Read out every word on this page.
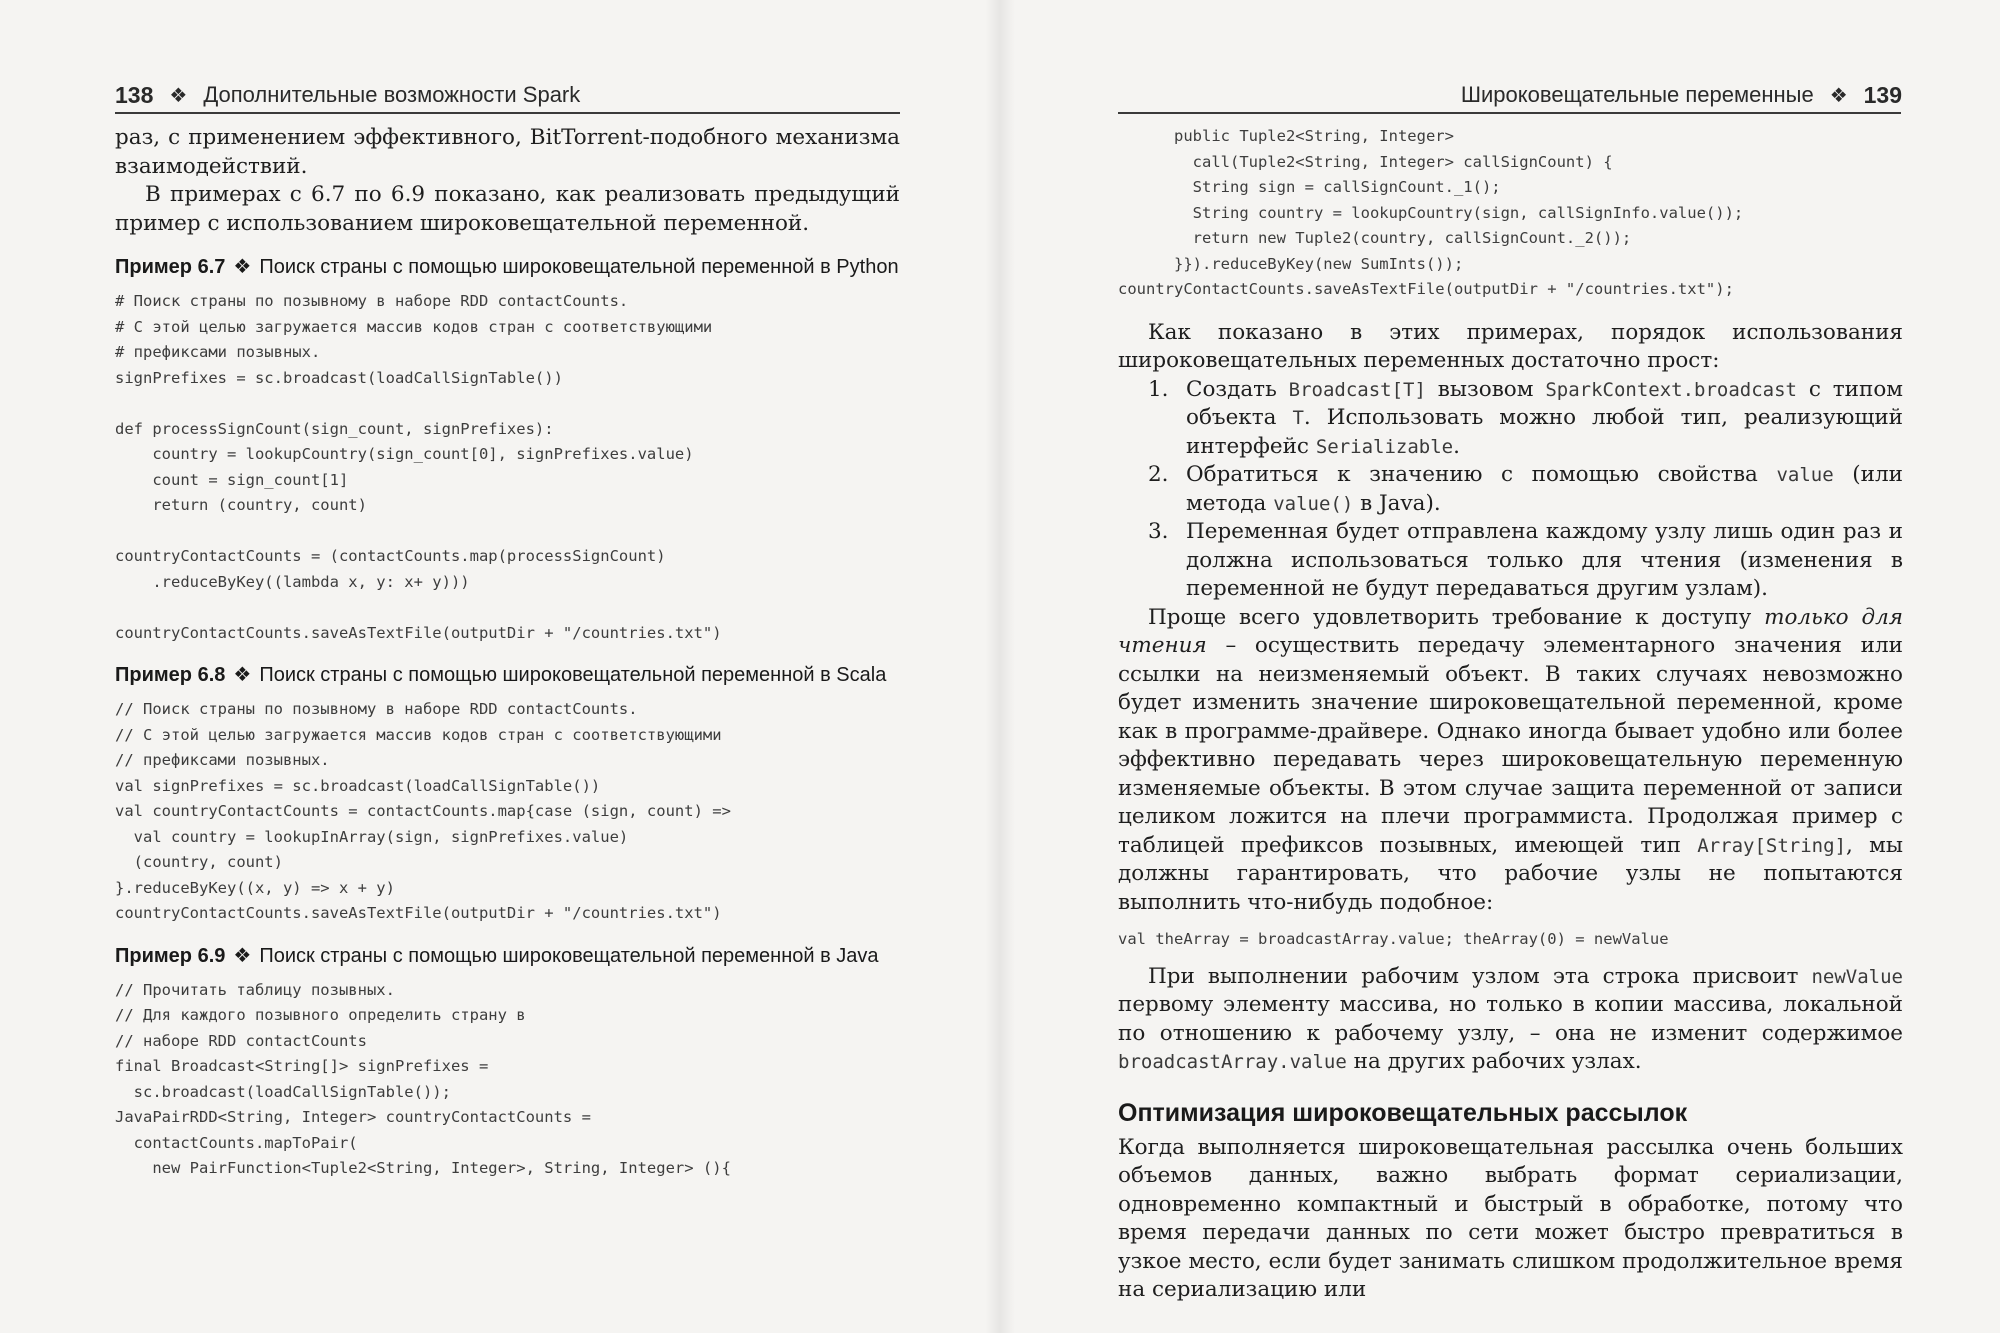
138 ❖ Дополнительные возможности Spark

раз, с применением эффективного, BitTorrent-подобного механизма взаимодействий.

В примерах с 6.7 по 6.9 показано, как реализовать предыдущий пример с использованием широковещательной переменной.

Пример 6.7 ❖ Поиск страны с помощью широковещательной переменной в Python
# Поиск страны по позывному в наборе RDD contactCounts.
# С этой целью загружается массив кодов стран с соответствующими
# префиксами позывных.
signPrefixes = sc.broadcast(loadCallSignTable())
def processSignCount(sign_count, signPrefixes):
country = lookupCountry(sign_count[0], signPrefixes.value)
count = sign_count[1]
return (country, count)
countryContactCounts = (contactCounts.map(processSignCount)
.reduceByKey((lambda x, y: x+ y)))
countryContactCounts.saveAsTextFile(outputDir + "/countries.txt")
Пример 6.8 ❖ Поиск страны с помощью широковещательной переменной в Scala
// Поиск страны по позывному в наборе RDD contactCounts.
// С этой целью загружается массив кодов стран с соответствующими
// префиксами позывных.
val signPrefixes = sc.broadcast(loadCallSignTable())
val countryContactCounts = contactCounts.map{case (sign, count) =>
val country = lookupInArray(sign, signPrefixes.value)
(country, count)
}.reduceByKey((x, y) => x + y)
countryContactCounts.saveAsTextFile(outputDir + "/countries.txt")
Пример 6.9 ❖ Поиск страны с помощью широковещательной переменной в Java
// Прочитать таблицу позывных.
// Для каждого позывного определить страну в
// наборе RDD contactCounts
final Broadcast<String[]> signPrefixes =
sc.broadcast(loadCallSignTable());
JavaPairRDD<String, Integer> countryContactCounts =
contactCounts.mapToPair(
new PairFunction<Tuple2<String, Integer>, String, Integer> (){
Широковещательные переменные ❖ 139
public Tuple2<String, Integer>
call(Tuple2<String, Integer> callSignCount) {
String sign = callSignCount._1();
String country = lookupCountry(sign, callSignInfo.value());
return new Tuple2(country, callSignCount._2());
}}).reduceByKey(new SumInts());
countryContactCounts.saveAsTextFile(outputDir + "/countries.txt");

Как показано в этих примерах, порядок использования широковещательных переменных достаточно прост:

1. Создать Broadcast[T] вызовом SparkContext.broadcast с типом объекта T. Использовать можно любой тип, реализующий интерфейс Serializable.
2. Обратиться к значению с помощью свойства value (или метода value() в Java).
3. Переменная будет отправлена каждому узлу лишь один раз и должна использоваться только для чтения (изменения в переменной не будут передаваться другим узлам).

Проще всего удовлетворить требование к доступу только для чтения – осуществить передачу элементарного значения или ссылки на неизменяемый объект. В таких случаях невозможно будет изменить значение широковещательной переменной, кроме как в программе-драйвере. Однако иногда бывает удобно или более эффективно передавать через широковещательную переменную изменяемые объекты. В этом случае защита переменной от записи целиком ложится на плечи программиста. Продолжая пример с таблицей префиксов позывных, имеющей тип Array[String], мы должны гарантировать, что рабочие узлы не попытаются выполнить что-нибудь подобное:

val theArray = broadcastArray.value; theArray(0) = newValue

При выполнении рабочим узлом эта строка присвоит newValue первому элементу массива, но только в копии массива, локальной по отношению к рабочему узлу, – она не изменит содержимое broadcastArray.value на других рабочих узлах.

Оптимизация широковещательных рассылок

Когда выполняется широковещательная рассылка очень больших объемов данных, важно выбрать формат сериализации, одновременно компактный и быстрый в обработке, потому что время передачи данных по сети может быстро превратиться в узкое место, если будет занимать слишком продолжительное время на сериализацию или
